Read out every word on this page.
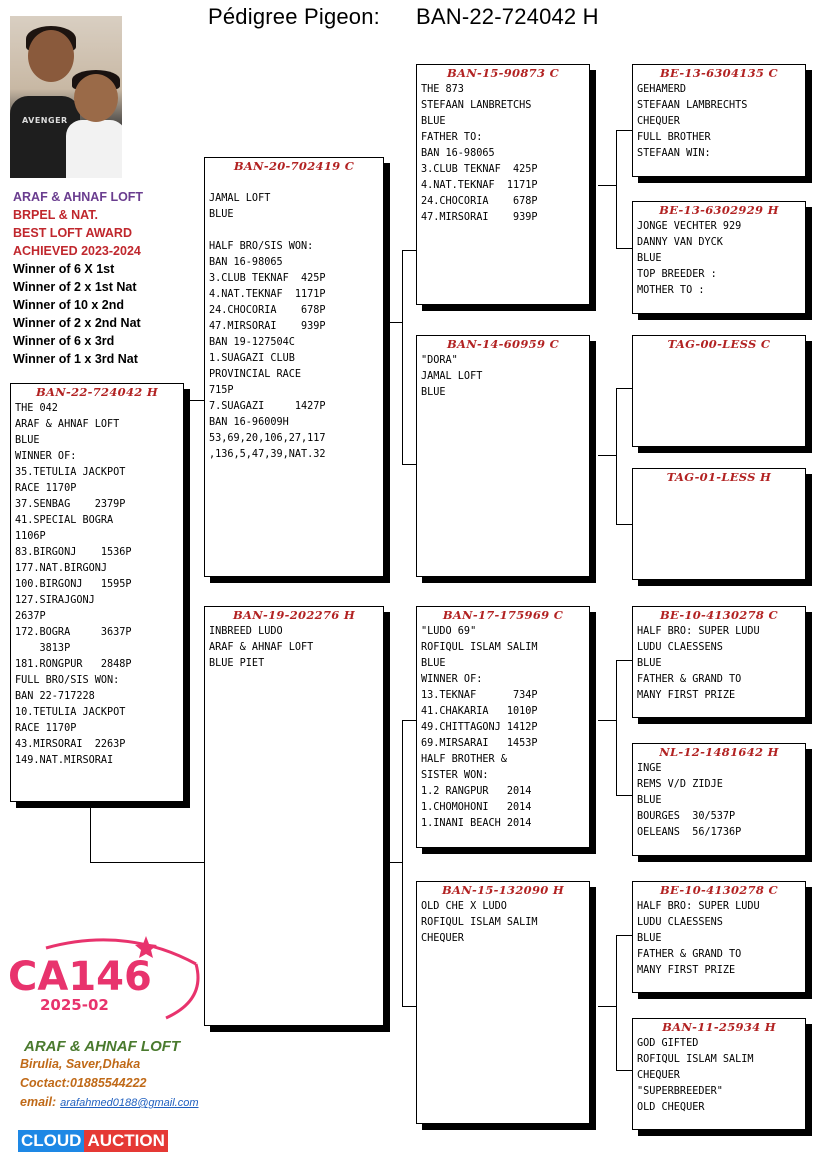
Pédigree Pigeon: BAN-22-724042 H
AVENGER
ARAF & AHNAF LOFT
BRPEL & NAT.
BEST LOFT AWARD
ACHIEVED 2023-2024
Winner of 6 X 1st
Winner of 2 x 1st Nat
Winner of 10 x 2nd
Winner of 2 x 2nd Nat
Winner of 6 x 3rd
Winner of 1 x 3rd Nat
BAN-22-724042 H
THE 042
ARAF & AHNAF LOFT
BLUE
WINNER OF:
35.TETULIA JACKPOT
RACE 1170P
37.SENBAG    2379P
41.SPECIAL BOGRA
1106P
83.BIRGONJ    1536P
177.NAT.BIRGONJ
100.BIRGONJ   1595P
127.SIRAJGONJ
2637P
172.BOGRA     3637P
3813P
181.RONGPUR   2848P
FULL BRO/SIS WON:
BAN 22-717228
10.TETULIA JACKPOT
RACE 1170P
43.MIRSORAI  2263P
149.NAT.MIRSORAI
BAN-20-702419 C

JAMAL LOFT
BLUE

HALF BRO/SIS WON:
BAN 16-98065
3.CLUB TEKNAF  425P
4.NAT.TEKNAF  1171P
24.CHOCORIA    678P
47.MIRSORAI    939P
BAN 19-127504C
1.SUAGAZI CLUB
PROVINCIAL RACE
715P
7.SUAGAZI     1427P
BAN 16-96009H
53,69,20,106,27,117
,136,5,47,39,NAT.32
BAN-19-202276 H
INBREED LUDO
ARAF & AHNAF LOFT
BLUE PIET
BAN-15-90873 C
THE 873
STEFAAN LANBRETCHS
BLUE
FATHER TO:
BAN 16-98065
3.CLUB TEKNAF  425P
4.NAT.TEKNAF  1171P
24.CHOCORIA    678P
47.MIRSORAI    939P
BAN-14-60959 C
"DORA"
JAMAL LOFT
BLUE
BAN-17-175969 C
"LUDO 69"
ROFIQUL ISLAM SALIM
BLUE
WINNER OF:
13.TEKNAF      734P
41.CHAKARIA   1010P
49.CHITTAGONJ 1412P
69.MIRSARAI   1453P
HALF BROTHER &
SISTER WON:
1.2 RANGPUR   2014
1.CHOMOHONI   2014
1.INANI BEACH 2014
BAN-15-132090 H
OLD CHE X LUDO
ROFIQUL ISLAM SALIM
CHEQUER
BE-13-6304135 C
GEHAMERD
STEFAAN LAMBRECHTS
CHEQUER
FULL BROTHER
STEFAAN WIN:
BE-13-6302929 H
JONGE VECHTER 929
DANNY VAN DYCK
BLUE
TOP BREEDER :
MOTHER TO :
TAG-00-LESS C
TAG-01-LESS H
BE-10-4130278 C
HALF BRO: SUPER LUDU
LUDU CLAESSENS
BLUE
FATHER & GRAND TO
MANY FIRST PRIZE
NL-12-1481642 H
INGE
REMS V/D ZIDJE
BLUE
BOURGES  30/537P
OELEANS  56/1736P
BE-10-4130278 C
HALF BRO: SUPER LUDU
LUDU CLAESSENS
BLUE
FATHER & GRAND TO
MANY FIRST PRIZE
BAN-11-25934 H
GOD GIFTED
ROFIQUL ISLAM SALIM
CHEQUER
"SUPERBREEDER"
OLD CHEQUER
CA146
2025-02
ARAF & AHNAF LOFT
Birulia, Saver,Dhaka
Coctact:01885544222
email: arafahmed0188@gmail.com
CLOUD AUCTION
